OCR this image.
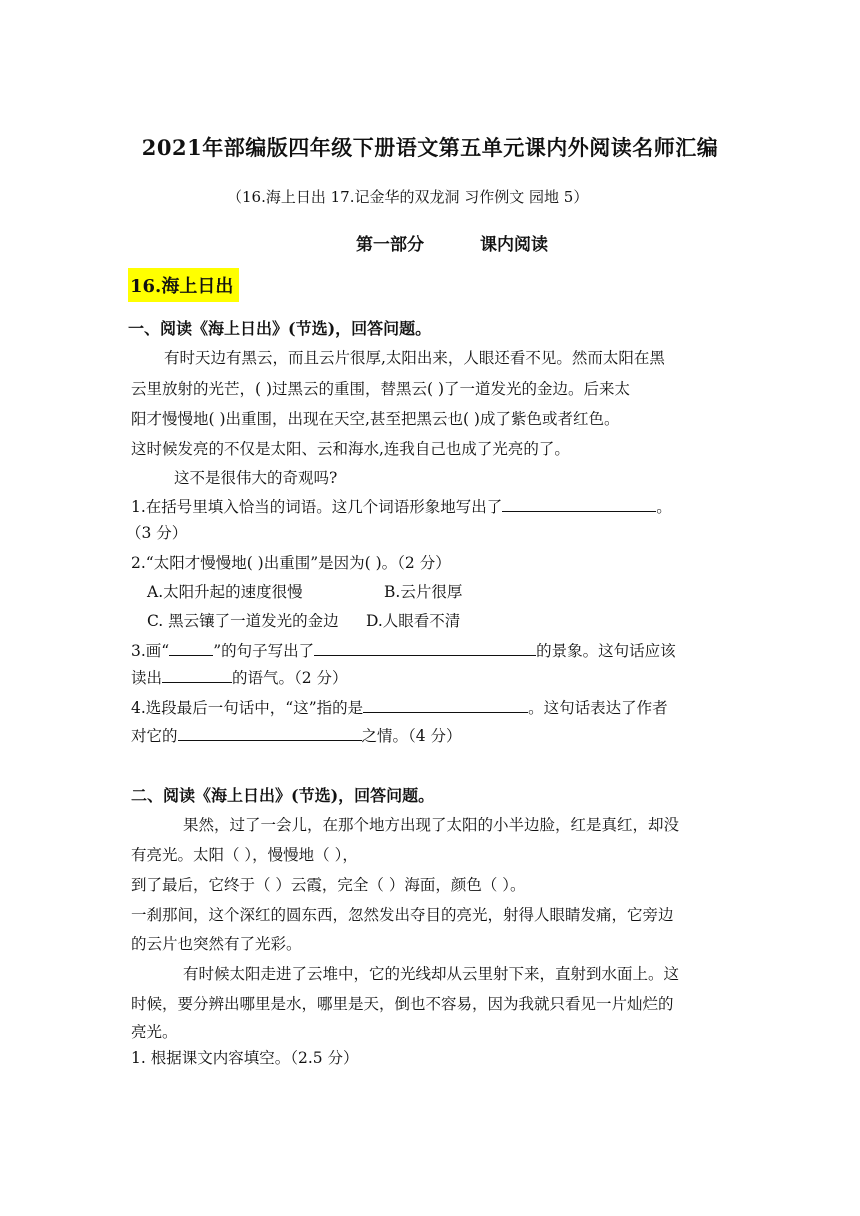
2021年部编版四年级下册语文第五单元课内外阅读名师汇编
（16.海上日出 17.记金华的双龙洞 习作例文 园地 5）
第一部分	课内阅读
16.海上日出
一、阅读《海上日出》(节选)，回答问题。
有时天边有黑云，而且云片很厚,太阳出来，人眼还看不见。然而太阳在黑
云里放射的光芒，( )过黑云的重围，替黑云( )了一道发光的金边。后来太
阳才慢慢地( )出重围，出现在天空,甚至把黑云也( )成了紫色或者红色。
这时候发亮的不仅是太阳、云和海水,连我自己也成了光亮的了。
这不是很伟大的奇观吗?
1.在括号里填入恰当的词语。这几个词语形象地写出了	。
（3 分）
2.“太阳才慢慢地( )出重围”是因为( )。（2 分）
A.太阳升起的速度很慢	B.云片很厚
C. 黑云镶了一道发光的金边 D.人眼看不清
3.画“	”的句子写出了	的景象。这句话应该
读出	的语气。（2 分）
4.选段最后一句话中，“这”指的是	。这句话表达了作者
对它的	之情。（4 分）
二、阅读《海上日出》(节选)，回答问题。
果然，过了一会儿，在那个地方出现了太阳的小半边脸，红是真红，却没
有亮光。太阳（ ），慢慢地（ ），
到了最后，它终于（ ）云霞，完全（ ）海面，颜色（ ）。
一刹那间，这个深红的圆东西，忽然发出夺目的亮光，射得人眼睛发痛，它旁边
的云片也突然有了光彩。
有时候太阳走进了云堆中，它的光线却从云里射下来，直射到水面上。这
时候，要分辨出哪里是水，哪里是天，倒也不容易，因为我就只看见一片灿烂的
亮光。
1. 根据课文内容填空。（2.5 分）
